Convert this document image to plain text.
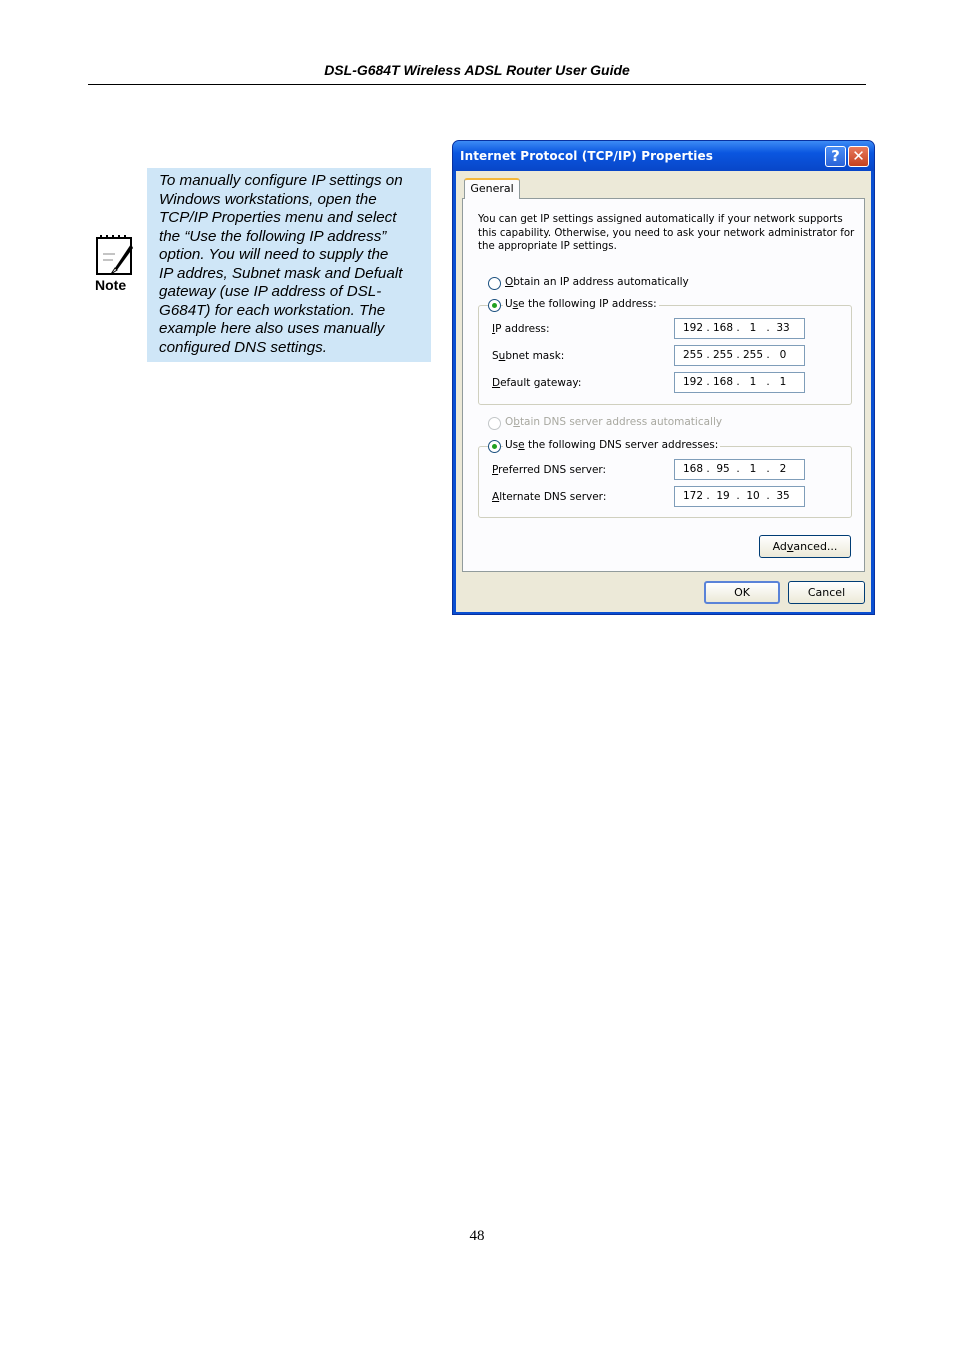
DSL-G684T Wireless ADSL Router User Guide
Note
To manually configure IP settings on
Windows workstations, open the
TCP/IP Properties menu and select
the “Use the following IP address”
option. You will need to supply the
IP addres, Subnet mask and Defualt
gateway (use IP address of DSL-
G684T) for each workstation. The
example here also uses manually
configured DNS settings.
Internet Protocol (TCP/IP) Properties	? ✕
General
You can get IP settings assigned automatically if your network supports
this capability. Otherwise, you need to ask your network administrator for
the appropriate IP settings.
Obtain an IP address automatically
Use the following IP address:
IP address:	192 . 168 . 1 . 33
Subnet mask:	255 . 255 . 255 . 0
Default gateway:	192 . 168 . 1 . 1
Obtain DNS server address automatically
Use the following DNS server addresses:
Preferred DNS server:	168 . 95 . 1 . 2
Alternate DNS server:	172 . 19 . 10 . 35
Advanced...
OK	Cancel
48
